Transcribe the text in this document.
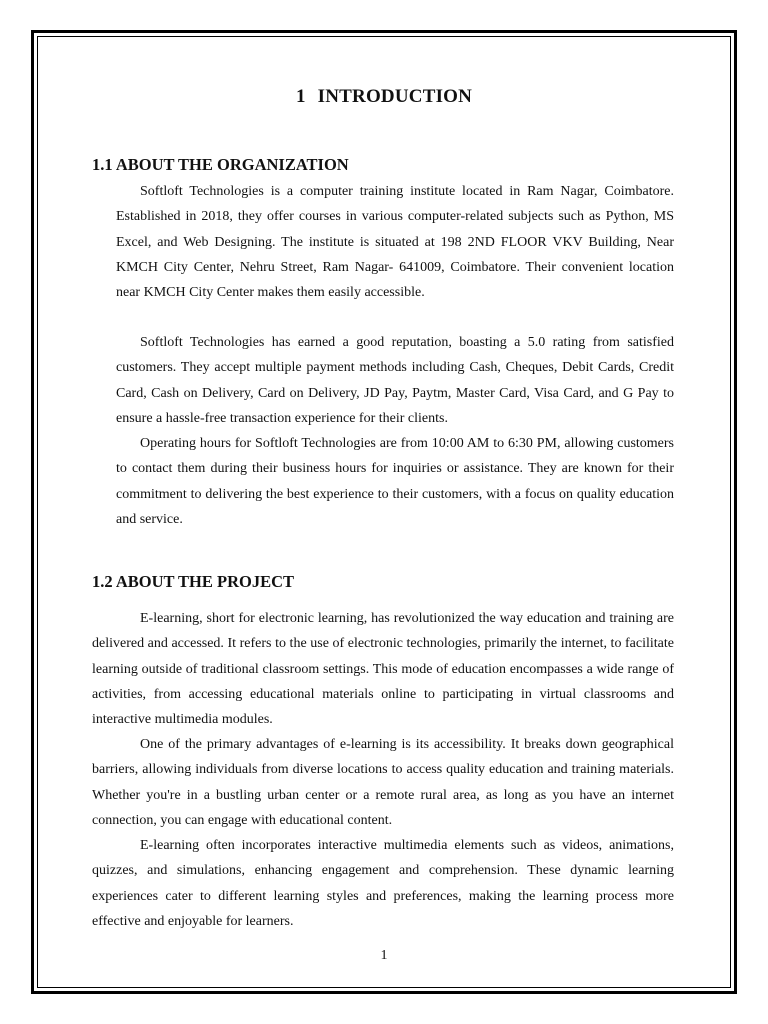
1 INTRODUCTION
1.1 ABOUT THE ORGANIZATION

Softloft Technologies is a computer training institute located in Ram Nagar, Coimbatore. Established in 2018, they offer courses in various computer-related subjects such as Python, MS Excel, and Web Designing. The institute is situated at 198 2ND FLOOR VKV Building, Near KMCH City Center, Nehru Street, Ram Nagar- 641009, Coimbatore. Their convenient location near KMCH City Center makes them easily accessible.

Softloft Technologies has earned a good reputation, boasting a 5.0 rating from satisfied customers. They accept multiple payment methods including Cash, Cheques, Debit Cards, Credit Card, Cash on Delivery, Card on Delivery, JD Pay, Paytm, Master Card, Visa Card, and G Pay to ensure a hassle-free transaction experience for their clients.

Operating hours for Softloft Technologies are from 10:00 AM to 6:30 PM, allowing customers to contact them during their business hours for inquiries or assistance. They are known for their commitment to delivering the best experience to their customers, with a focus on quality education and service.

1.2 ABOUT THE PROJECT

E-learning, short for electronic learning, has revolutionized the way education and training are delivered and accessed. It refers to the use of electronic technologies, primarily the internet, to facilitate learning outside of traditional classroom settings. This mode of education encompasses a wide range of activities, from accessing educational materials online to participating in virtual classrooms and interactive multimedia modules.

One of the primary advantages of e-learning is its accessibility. It breaks down geographical barriers, allowing individuals from diverse locations to access quality education and training materials. Whether you're in a bustling urban center or a remote rural area, as long as you have an internet connection, you can engage with educational content.

E-learning often incorporates interactive multimedia elements such as videos, animations, quizzes, and simulations, enhancing engagement and comprehension. These dynamic learning experiences cater to different learning styles and preferences, making the learning process more effective and enjoyable for learners.

1
